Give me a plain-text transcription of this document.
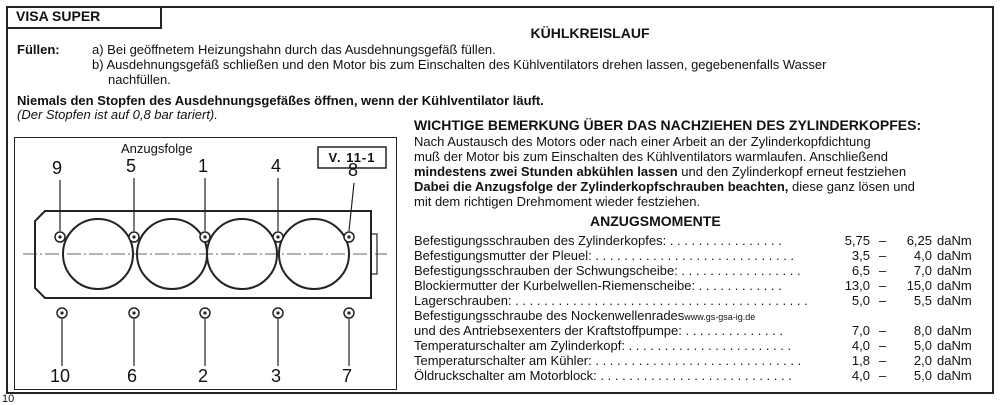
VISA SUPER
KÜHLKREISLAUF
Füllen: a) Bei geöffnetem Heizungshahn durch das Ausdehnungsgefäß füllen.
b) Ausdehnungsgefäß schließen und den Motor bis zum Einschalten des Kühlventilators drehen lassen, gegebenenfalls Wasser
nachfüllen.
Niemals den Stopfen des Ausdehnungsgefäßes öffnen, wenn der Kühlventilator läuft.
(Der Stopfen ist auf 0,8 bar tariert).
Anzugsfolge
V. 11-1
9	5	1	4	8
10	6	2	3	7
WICHTIGE BEMERKUNG ÜBER DAS NACHZIEHEN DES ZYLINDERKOPFES:
Nach Austausch des Motors oder nach einer Arbeit an der Zylinderkopfdichtung
muß der Motor bis zum Einschalten des Kühlventilators warmlaufen. Anschließend
mindestens zwei Stunden abkühlen lassen und den Zylinderkopf erneut festziehen
Dabei die Anzugsfolge der Zylinderkopfschrauben beachten, diese ganz lösen und
mit dem richtigen Drehmoment wieder festziehen.
ANZUGSMOMENTE
Befestigungsschrauben des Zylinderkopfes: . . . . . . . . . . . . . . . .	5,75 –	6,25 daNm
Befestigungsmutter der Pleuel: . . . . . . . . . . . . . . . . . . . . . . . . . . . .	3,5 –	4,0 daNm
Befestigungsschrauben der Schwungscheibe: . . . . . . . . . . . . . . . . .	6,5 –	7,0 daNm
Blockiermutter der Kurbelwellen-Riemenscheibe: . . . . . . . . . . . .	13,0 –	15,0 daNm
Lagerschrauben: . . . . . . . . . . . . . . . . . . . . . . . . . . . . . . . . . . . . . . . . .	5,0 –	5,5 daNm
Befestigungsschraube des Nockenwellenradeswww.gs-gsa-ig.de
und des Antriebsexenters der Kraftstoffpumpe: . . . . . . . . . . . . . .	7,0 –	8,0 daNm
Temperaturschalter am Zylinderkopf: . . . . . . . . . . . . . . . . . . . . . . .	4,0 –	5,0 daNm
Temperaturschalter am Kühler: . . . . . . . . . . . . . . . . . . . . . . . . . . . . .	1,8 –	2,0 daNm
Öldruckschalter am Motorblock: . . . . . . . . . . . . . . . . . . . . . . . . . . .	4,0 –	5,0 daNm
10
